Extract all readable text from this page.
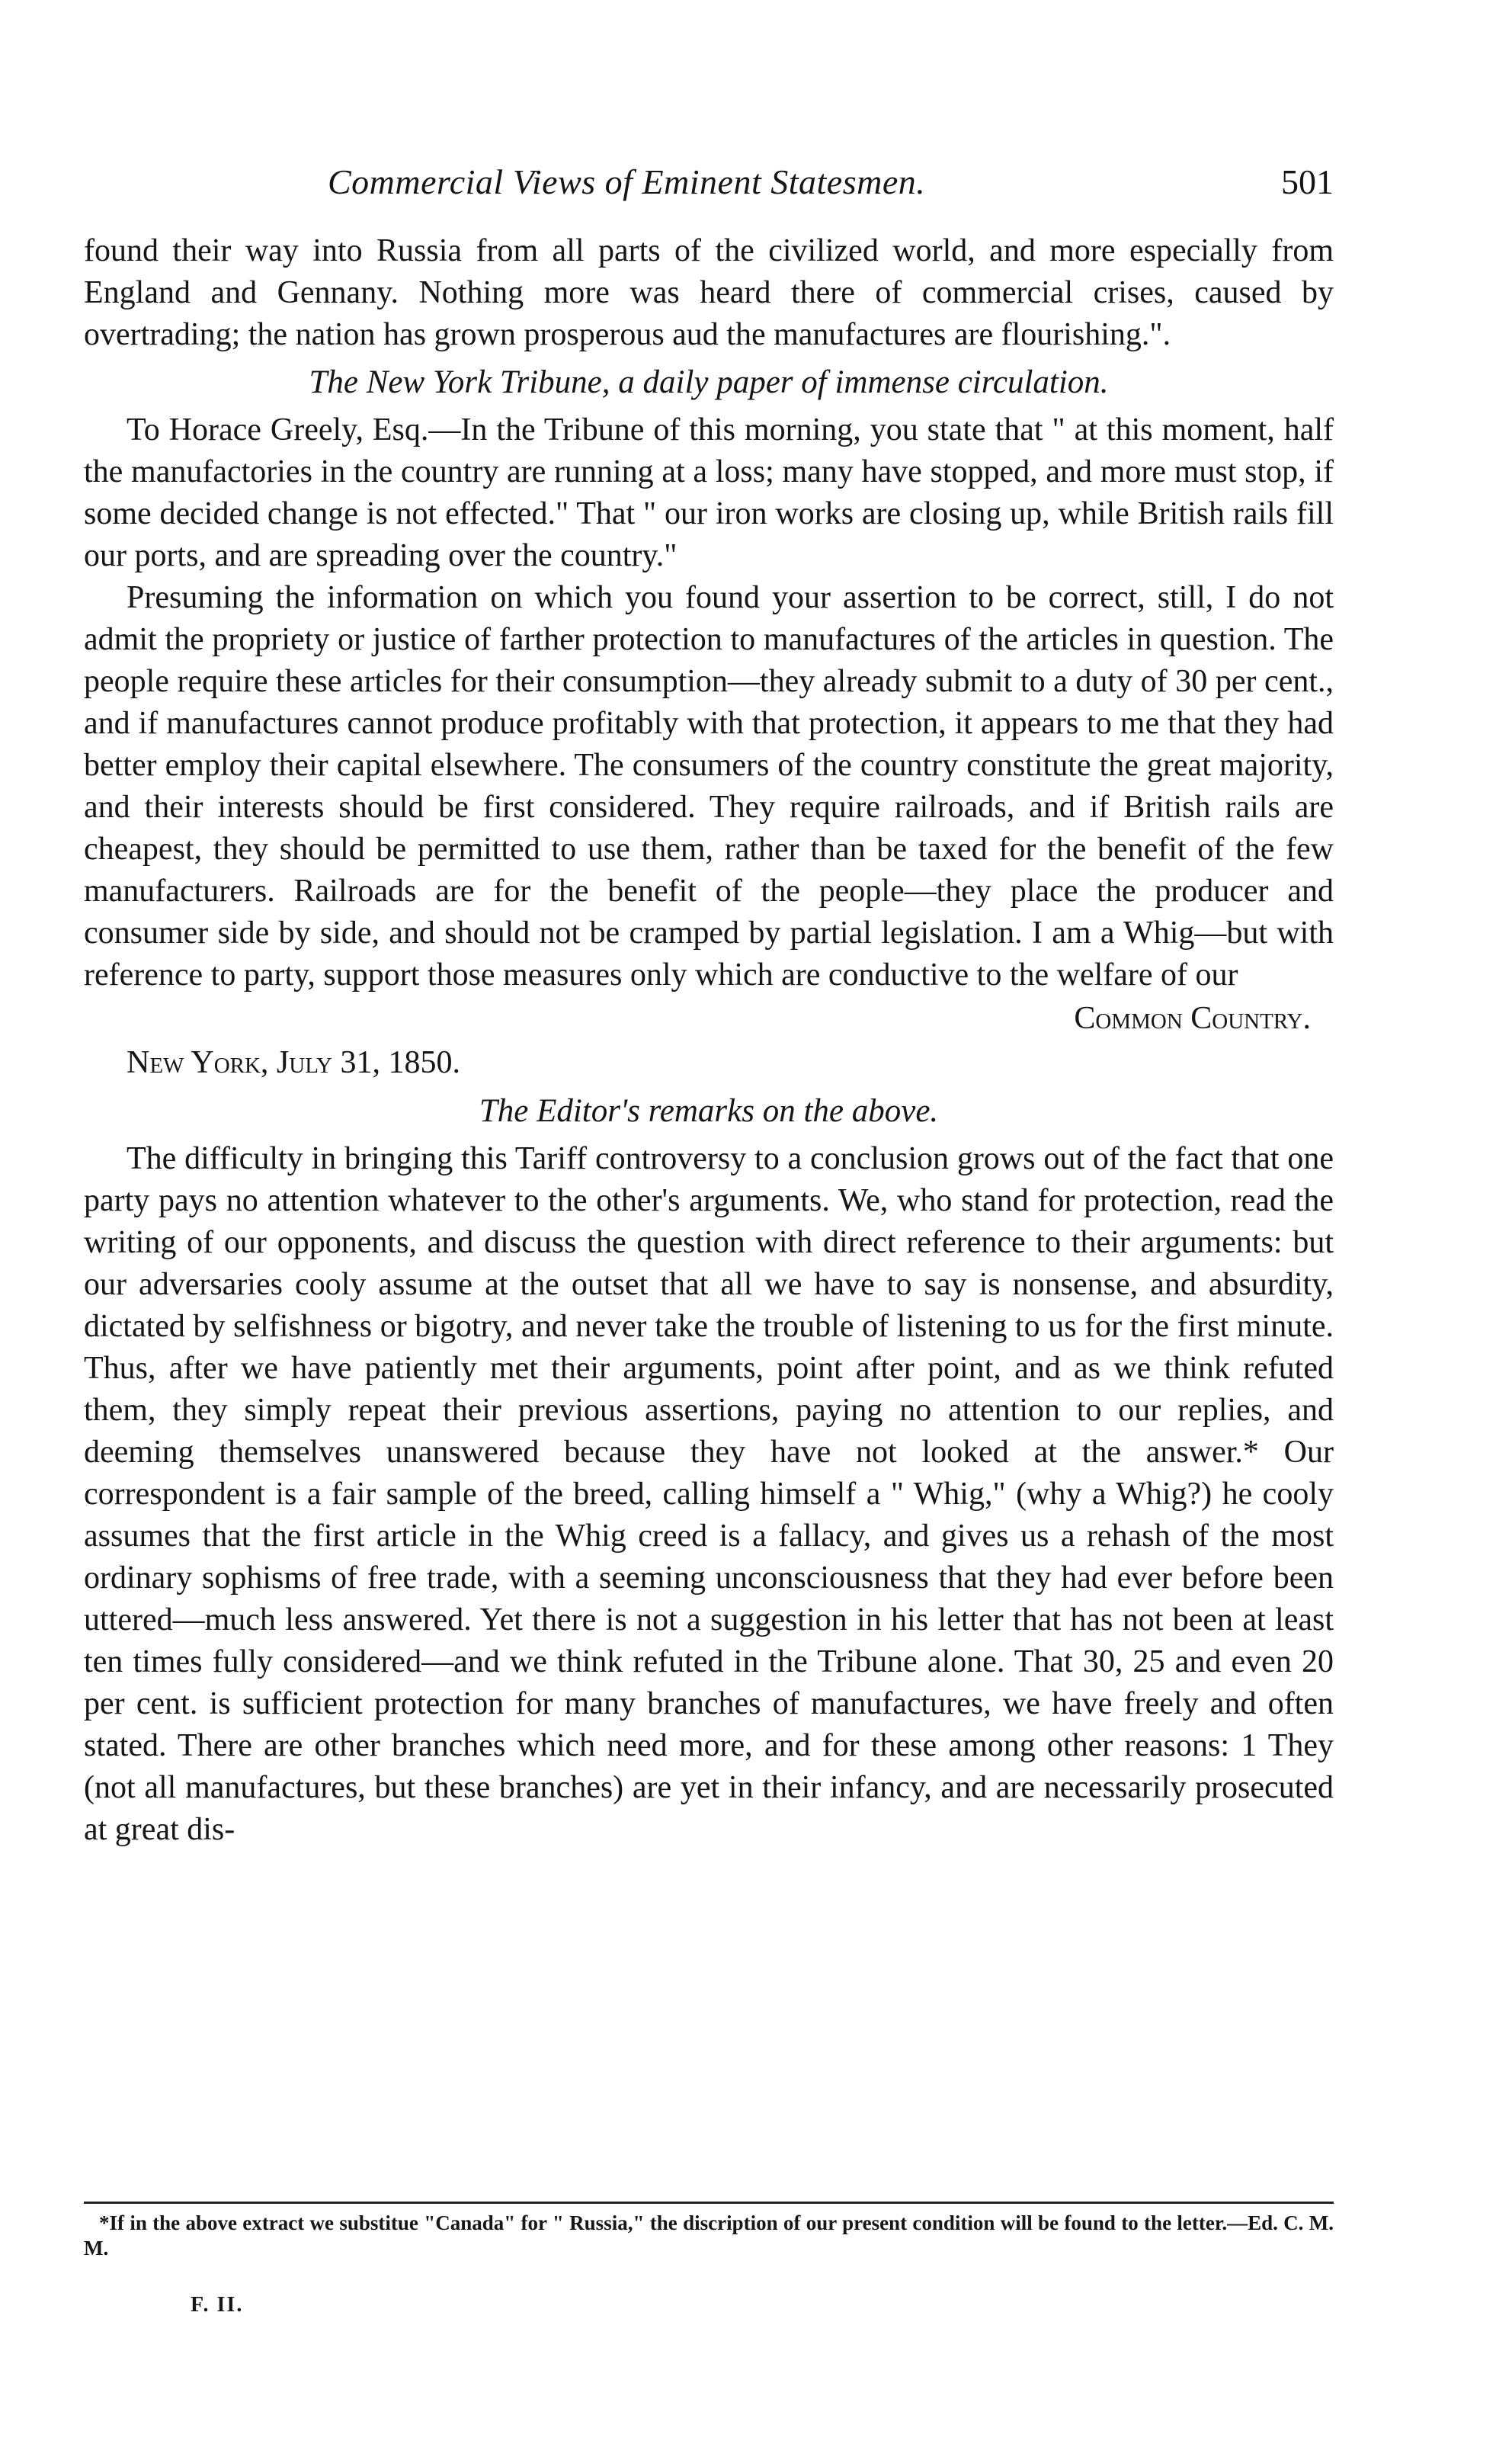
Commercial Views of Eminent Statesmen.	501

found their way into Russia from all parts of the civilized world, and more especially from England and Gennany. Nothing more was heard there of commercial crises, caused by overtrading; the nation has grown prosperous aud the manufactures are flourishing.".

The New York Tribune, a daily paper of immense circulation.

To Horace Greely, Esq.—In the Tribune of this morning, you state that " at this moment, half the manufactories in the country are running at a loss; many have stopped, and more must stop, if some decided change is not effected." That " our iron works are closing up, while British rails fill our ports, and are spreading over the country."

Presuming the information on which you found your assertion to be correct, still, I do not admit the propriety or justice of farther protection to manufactures of the articles in question. The people require these articles for their consumption—they already submit to a duty of 30 per cent., and if manufactures cannot produce profitably with that protection, it appears to me that they had better employ their capital elsewhere. The consumers of the country constitute the great majority, and their interests should be first considered. They require railroads, and if British rails are cheapest, they should be permitted to use them, rather than be taxed for the benefit of the few manufacturers. Railroads are for the benefit of the people—they place the producer and consumer side by side, and should not be cramped by partial legislation. I am a Whig—but with reference to party, support those measures only which are conductive to the welfare of our

Common Country.

New York, July 31, 1850.

The Editor's remarks on the above.

The difficulty in bringing this Tariff controversy to a conclusion grows out of the fact that one party pays no attention whatever to the other's arguments. We, who stand for protection, read the writing of our opponents, and discuss the question with direct reference to their arguments: but our adversaries cooly assume at the outset that all we have to say is nonsense, and absurdity, dictated by selfishness or bigotry, and never take the trouble of listening to us for the first minute. Thus, after we have patiently met their arguments, point after point, and as we think refuted them, they simply repeat their previous assertions, paying no attention to our replies, and deeming themselves unanswered because they have not looked at the answer.* Our correspondent is a fair sample of the breed, calling himself a " Whig," (why a Whig?) he cooly assumes that the first article in the Whig creed is a fallacy, and gives us a rehash of the most ordinary sophisms of free trade, with a seeming unconsciousness that they had ever before been uttered—much less answered. Yet there is not a suggestion in his letter that has not been at least ten times fully considered—and we think refuted in the Tribune alone. That 30, 25 and even 20 per cent. is sufficient protection for many branches of manufactures, we have freely and often stated. There are other branches which need more, and for these among other reasons: 1 They (not all manufactures, but these branches) are yet in their infancy, and are necessarily prosecuted at great dis-

*If in the above extract we substitue "Canada" for " Russia," the discription of our present condition will be found to the letter.—Ed. C. M. M.

F. II.
